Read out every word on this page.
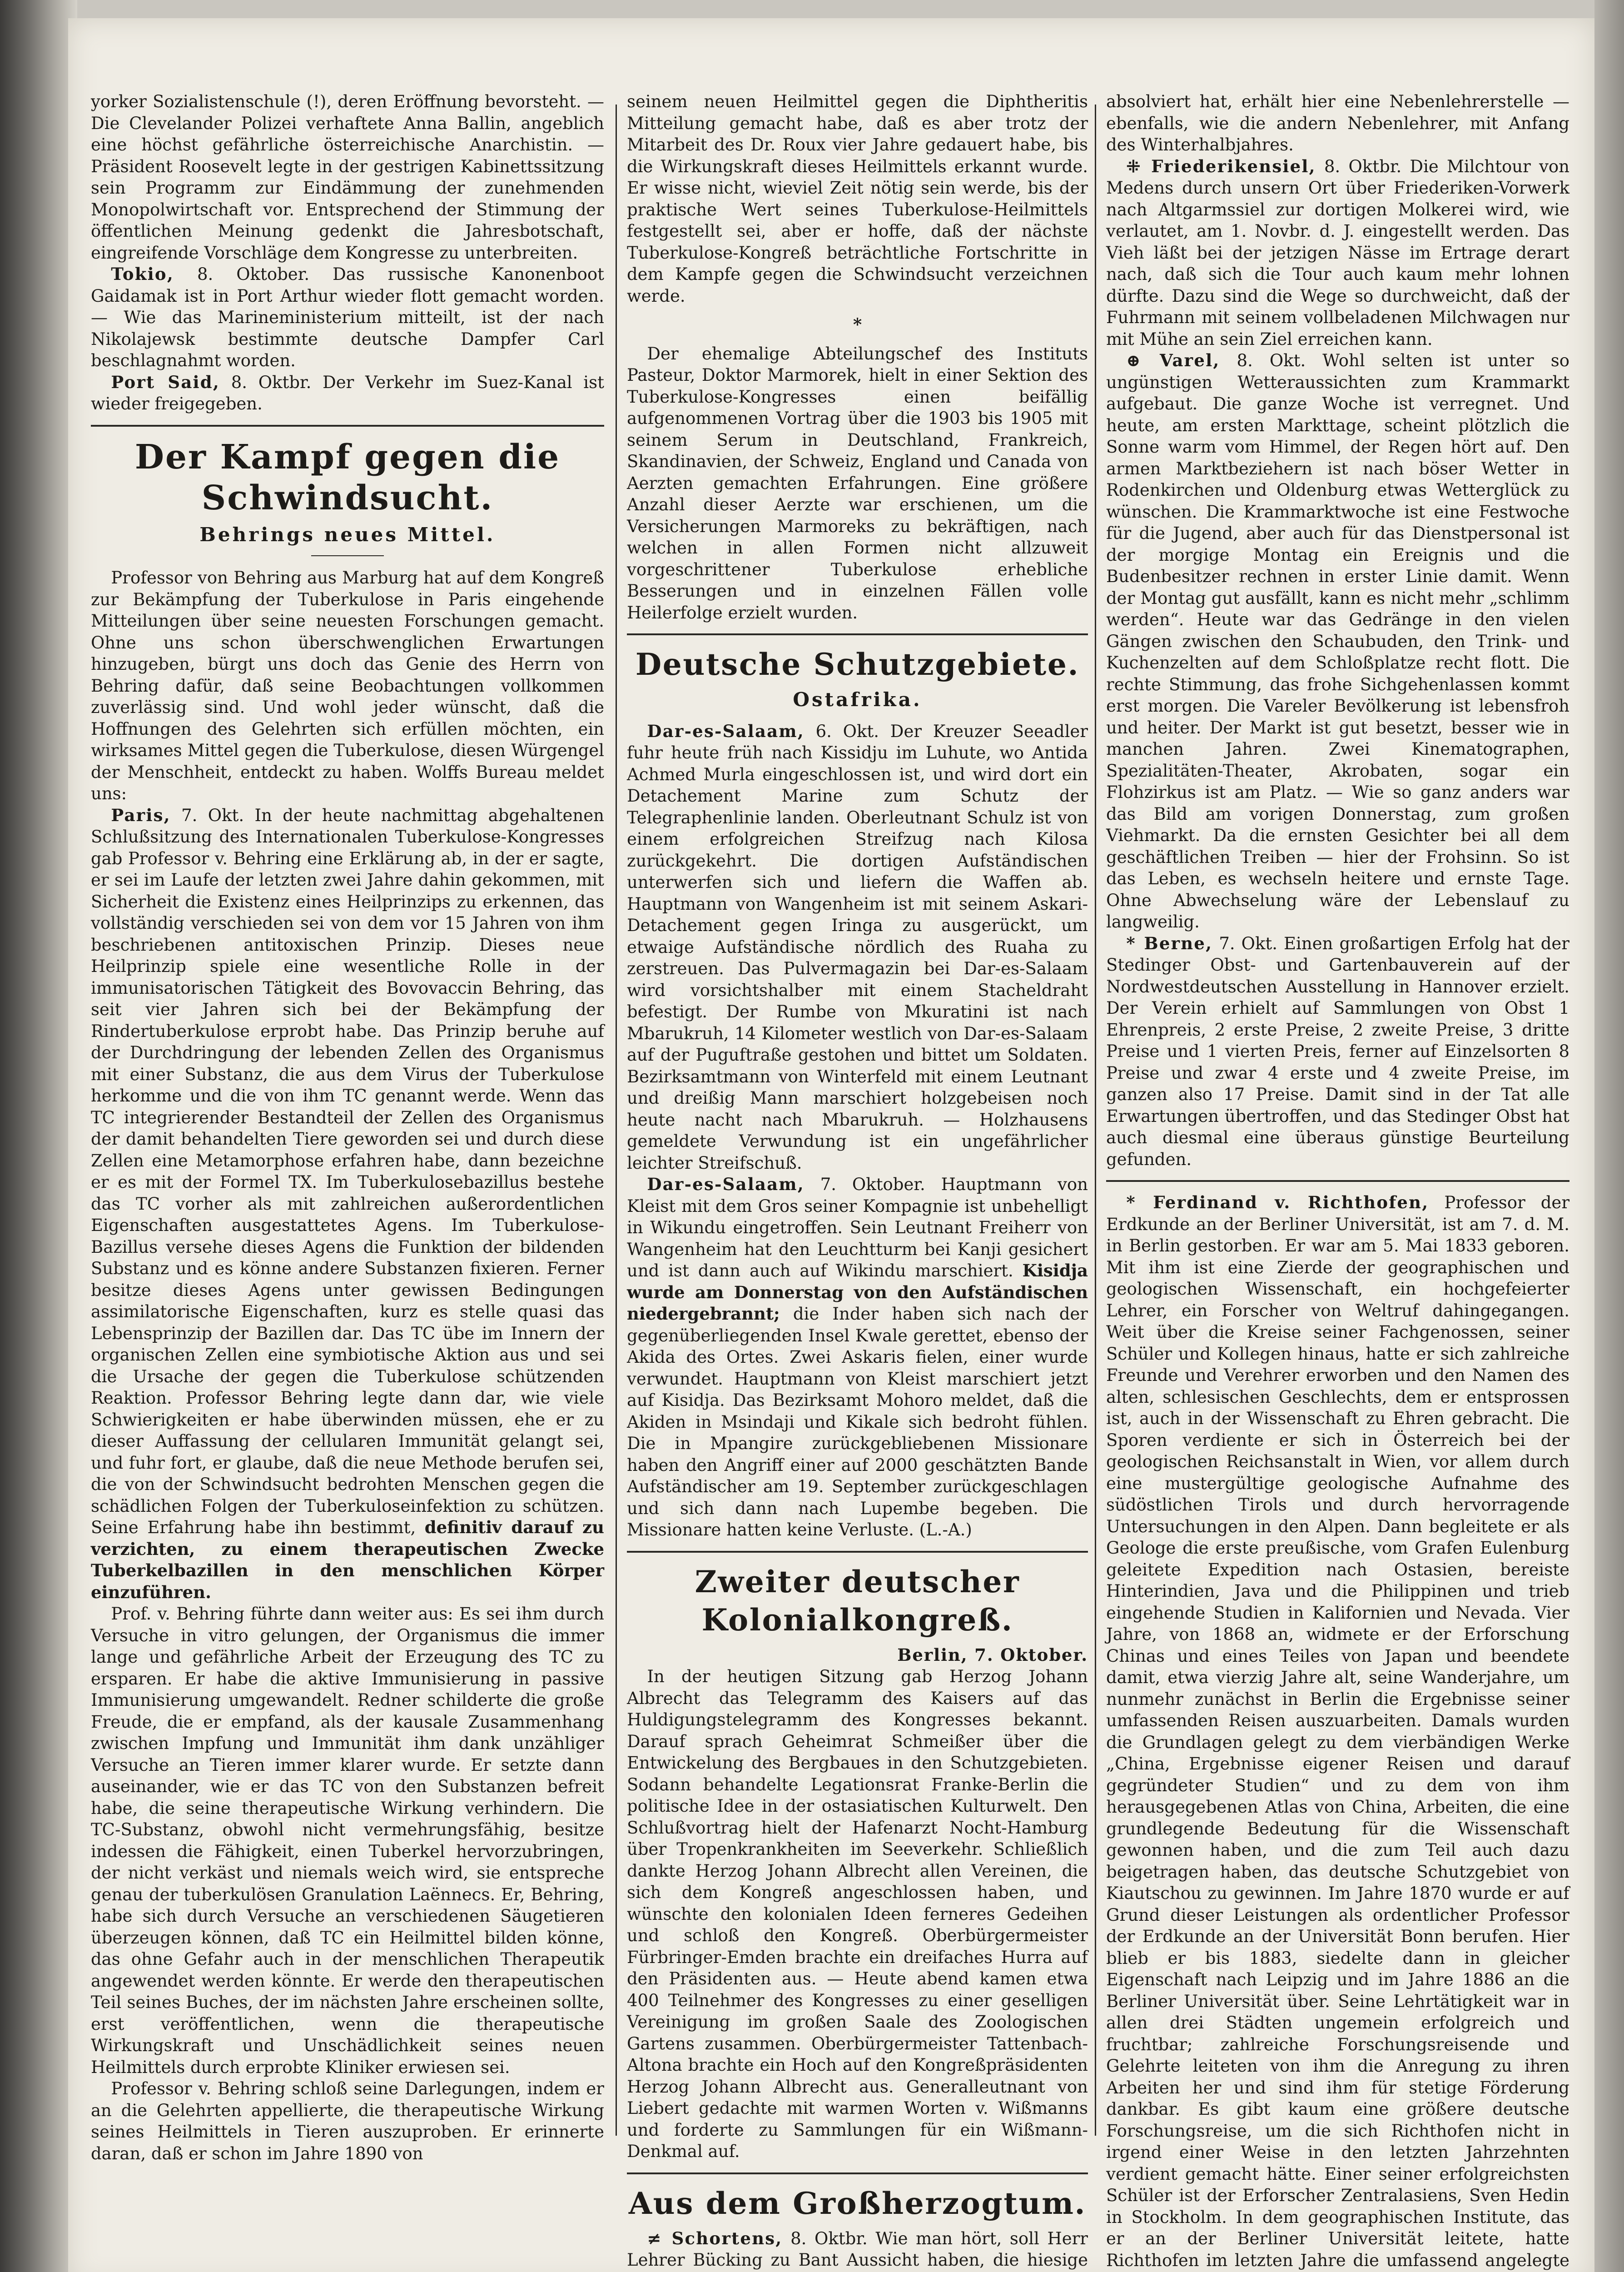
yorker Sozialistenschule (!), deren Eröffnung bevorsteht. — Die Clevelander Polizei verhaftete Anna Ballin, angeblich eine höchst gefährliche österreichische Anarchistin. — Präsident Roosevelt legte in der gestrigen Kabinettssitzung sein Programm zur Eindämmung der zunehmenden Monopolwirtschaft vor. Entsprechend der Stimmung der öffentlichen Meinung gedenkt die Jahresbotschaft, eingreifende Vorschläge dem Kongresse zu unterbreiten.

Tokio, 8. Oktober. Das russische Kanonenboot Gaidamak ist in Port Arthur wieder flott gemacht worden. — Wie das Marineministerium mitteilt, ist der nach Nikolajewsk bestimmte deutsche Dampfer Carl beschlagnahmt worden.

Port Said, 8. Oktbr. Der Verkehr im Suez-Kanal ist wieder freigegeben.

Der Kampf gegen die Schwindsucht.
Behrings neues Mittel.

Professor von Behring aus Marburg hat auf dem Kongreß zur Bekämpfung der Tuberkulose in Paris eingehende Mitteilungen über seine neuesten Forschungen gemacht. Ohne uns schon überschwenglichen Erwartungen hinzugeben, bürgt uns doch das Genie des Herrn von Behring dafür, daß seine Beobachtungen vollkommen zuverlässig sind. Und wohl jeder wünscht, daß die Hoffnungen des Gelehrten sich erfüllen möchten, ein wirksames Mittel gegen die Tuberkulose, diesen Würgengel der Menschheit, entdeckt zu haben. Wolffs Bureau meldet uns:

Paris, 7. Okt. In der heute nachmittag abgehaltenen Schlußsitzung des Internationalen Tuberkulose-Kongresses gab Professor v. Behring eine Erklärung ab, in der er sagte, er sei im Laufe der letzten zwei Jahre dahin gekommen, mit Sicherheit die Existenz eines Heilprinzips zu erkennen, das vollständig verschieden sei von dem vor 15 Jahren von ihm beschriebenen antitoxischen Prinzip. Dieses neue Heilprinzip spiele eine wesentliche Rolle in der immunisatorischen Tätigkeit des Bovovaccin Behring, das seit vier Jahren sich bei der Bekämpfung der Rindertuberkulose erprobt habe. Das Prinzip beruhe auf der Durchdringung der lebenden Zellen des Organismus mit einer Substanz, die aus dem Virus der Tuberkulose herkomme und die von ihm TC genannt werde. Wenn das TC integrierender Bestandteil der Zellen des Organismus der damit behandelten Tiere geworden sei und durch diese Zellen eine Metamorphose erfahren habe, dann bezeichne er es mit der Formel TX. Im Tuberkulosebazillus bestehe das TC vorher als mit zahlreichen außerordentlichen Eigenschaften ausgestattetes Agens. Im Tuberkulose-Bazillus versehe dieses Agens die Funktion der bildenden Substanz und es könne andere Substanzen fixieren. Ferner besitze dieses Agens unter gewissen Bedingungen assimilatorische Eigenschaften, kurz es stelle quasi das Lebensprinzip der Bazillen dar. Das TC übe im Innern der organischen Zellen eine symbiotische Aktion aus und sei die Ursache der gegen die Tuberkulose schützenden Reaktion. Professor Behring legte dann dar, wie viele Schwierigkeiten er habe überwinden müssen, ehe er zu dieser Auffassung der cellularen Immunität gelangt sei, und fuhr fort, er glaube, daß die neue Methode berufen sei, die von der Schwindsucht bedrohten Menschen gegen die schädlichen Folgen der Tuberkuloseinfektion zu schützen. Seine Erfahrung habe ihn bestimmt, definitiv darauf zu verzichten, zu einem therapeutischen Zwecke Tuberkelbazillen in den menschlichen Körper einzuführen.

Prof. v. Behring führte dann weiter aus: Es sei ihm durch Versuche in vitro gelungen, der Organismus die immer lange und gefährliche Arbeit der Erzeugung des TC zu ersparen. Er habe die aktive Immunisierung in passive Immunisierung umgewandelt. Redner schilderte die große Freude, die er empfand, als der kausale Zusammenhang zwischen Impfung und Immunität ihm dank unzähliger Versuche an Tieren immer klarer wurde. Er setzte dann auseinander, wie er das TC von den Substanzen befreit habe, die seine therapeutische Wirkung verhindern. Die TC-Substanz, obwohl nicht vermehrungsfähig, besitze indessen die Fähigkeit, einen Tuberkel hervorzubringen, der nicht verkäst und niemals weich wird, sie entspreche genau der tuberkulösen Granulation Laënnecs. Er, Behring, habe sich durch Versuche an verschiedenen Säugetieren überzeugen können, daß TC ein Heilmittel bilden könne, das ohne Gefahr auch in der menschlichen Therapeutik angewendet werden könnte. Er werde den therapeutischen Teil seines Buches, der im nächsten Jahre erscheinen sollte, erst veröffentlichen, wenn die therapeutische Wirkungskraft und Unschädlichkeit seines neuen Heilmittels durch erprobte Kliniker erwiesen sei.

Professor v. Behring schloß seine Darlegungen, indem er an die Gelehrten appellierte, die therapeutische Wirkung seines Heilmittels in Tieren auszuproben. Er erinnerte daran, daß er schon im Jahre 1890 von

seinem neuen Heilmittel gegen die Diphtheritis Mitteilung gemacht habe, daß es aber trotz der Mitarbeit des Dr. Roux vier Jahre gedauert habe, bis die Wirkungskraft dieses Heilmittels erkannt wurde. Er wisse nicht, wieviel Zeit nötig sein werde, bis der praktische Wert seines Tuberkulose-Heilmittels festgestellt sei, aber er hoffe, daß der nächste Tuberkulose-Kongreß beträchtliche Fortschritte in dem Kampfe gegen die Schwindsucht verzeichnen werde.

*

Der ehemalige Abteilungschef des Instituts Pasteur, Doktor Marmorek, hielt in einer Sektion des Tuberkulose-Kongresses einen beifällig aufgenommenen Vortrag über die 1903 bis 1905 mit seinem Serum in Deutschland, Frankreich, Skandinavien, der Schweiz, England und Canada von Aerzten gemachten Erfahrungen. Eine größere Anzahl dieser Aerzte war erschienen, um die Versicherungen Marmoreks zu bekräftigen, nach welchen in allen Formen nicht allzuweit vorgeschrittener Tuberkulose erhebliche Besserungen und in einzelnen Fällen volle Heilerfolge erzielt wurden.

Deutsche Schutzgebiete.
Ostafrika.

Dar-es-Salaam, 6. Okt. Der Kreuzer Seeadler fuhr heute früh nach Kissidju im Luhute, wo Antida Achmed Murla eingeschlossen ist, und wird dort ein Detachement Marine zum Schutz der Telegraphenlinie landen. Oberleutnant Schulz ist von einem erfolgreichen Streifzug nach Kilosa zurückgekehrt. Die dortigen Aufständischen unterwerfen sich und liefern die Waffen ab. Hauptmann von Wangenheim ist mit seinem Askari-Detachement gegen Iringa zu ausgerückt, um etwaige Aufständische nördlich des Ruaha zu zerstreuen. Das Pulvermagazin bei Dar-es-Salaam wird vorsichtshalber mit einem Stacheldraht befestigt. Der Rumbe von Mkuratini ist nach Mbarukruh, 14 Kilometer westlich von Dar-es-Salaam auf der Puguftraße gestohen und bittet um Soldaten. Bezirksamtmann von Winterfeld mit einem Leutnant und dreißig Mann marschiert holzgebeisen noch heute nacht nach Mbarukruh. — Holzhausens gemeldete Verwundung ist ein ungefährlicher leichter Streifschuß.

Dar-es-Salaam, 7. Oktober. Hauptmann von Kleist mit dem Gros seiner Kompagnie ist unbehelligt in Wikundu eingetroffen. Sein Leutnant Freiherr von Wangenheim hat den Leuchtturm bei Kanji gesichert und ist dann auch auf Wikindu marschiert. Kisidja wurde am Donnerstag von den Aufständischen niedergebrannt; die Inder haben sich nach der gegenüberliegenden Insel Kwale gerettet, ebenso der Akida des Ortes. Zwei Askaris fielen, einer wurde verwundet. Hauptmann von Kleist marschiert jetzt auf Kisidja. Das Bezirksamt Mohoro meldet, daß die Akiden in Msindaji und Kikale sich bedroht fühlen. Die in Mpangire zurückgebliebenen Missionare haben den Angriff einer auf 2000 geschätzten Bande Aufständischer am 19. September zurückgeschlagen und sich dann nach Lupembe begeben. Die Missionare hatten keine Verluste. (L.-A.)

Zweiter deutscher Kolonialkongreß.
Berlin, 7. Oktober.

In der heutigen Sitzung gab Herzog Johann Albrecht das Telegramm des Kaisers auf das Huldigungstelegramm des Kongresses bekannt. Darauf sprach Geheimrat Schmeißer über die Entwickelung des Bergbaues in den Schutzgebieten. Sodann behandelte Legationsrat Franke-Berlin die politische Idee in der ostasiatischen Kulturwelt. Den Schlußvortrag hielt der Hafenarzt Nocht-Hamburg über Tropenkrankheiten im Seeverkehr. Schließlich dankte Herzog Johann Albrecht allen Vereinen, die sich dem Kongreß angeschlossen haben, und wünschte den kolonialen Ideen ferneres Gedeihen und schloß den Kongreß. Oberbürgermeister Fürbringer-Emden brachte ein dreifaches Hurra auf den Präsidenten aus. — Heute abend kamen etwa 400 Teilnehmer des Kongresses zu einer geselligen Vereinigung im großen Saale des Zoologischen Gartens zusammen. Oberbürgermeister Tattenbach-Altona brachte ein Hoch auf den Kongreßpräsidenten Herzog Johann Albrecht aus. Generalleutnant von Liebert gedachte mit warmen Worten v. Wißmanns und forderte zu Sammlungen für ein Wißmann-Denkmal auf.

Aus dem Großherzogtum.

≠ Schortens, 8. Oktbr. Wie man hört, soll Herr Lehrer Bücking zu Bant Aussicht haben, die hiesige

absolviert hat, erhält hier eine Nebenlehrerstelle — ebenfalls, wie die andern Nebenlehrer, mit Anfang des Winterhalbjahres.

⁜ Friederikensiel, 8. Oktbr. Die Milchtour von Medens durch unsern Ort über Friederiken-Vorwerk nach Altgarmssiel zur dortigen Molkerei wird, wie verlautet, am 1. Novbr. d. J. eingestellt werden. Das Vieh läßt bei der jetzigen Nässe im Ertrage derart nach, daß sich die Tour auch kaum mehr lohnen dürfte. Dazu sind die Wege so durchweicht, daß der Fuhrmann mit seinem vollbeladenen Milchwagen nur mit Mühe an sein Ziel erreichen kann.

⊕ Varel, 8. Okt. Wohl selten ist unter so ungünstigen Wetteraussichten zum Krammarkt aufgebaut. Die ganze Woche ist verregnet. Und heute, am ersten Markttage, scheint plötzlich die Sonne warm vom Himmel, der Regen hört auf. Den armen Marktbeziehern ist nach böser Wetter in Rodenkirchen und Oldenburg etwas Wetterglück zu wünschen. Die Krammarktwoche ist eine Festwoche für die Jugend, aber auch für das Dienstpersonal ist der morgige Montag ein Ereignis und die Budenbesitzer rechnen in erster Linie damit. Wenn der Montag gut ausfällt, kann es nicht mehr „schlimm werden“. Heute war das Gedränge in den vielen Gängen zwischen den Schaubuden, den Trink- und Kuchenzelten auf dem Schloßplatze recht flott. Die rechte Stimmung, das frohe Sichgehenlassen kommt erst morgen. Die Vareler Bevölkerung ist lebensfroh und heiter. Der Markt ist gut besetzt, besser wie in manchen Jahren. Zwei Kinematographen, Spezialitäten-Theater, Akrobaten, sogar ein Flohzirkus ist am Platz. — Wie so ganz anders war das Bild am vorigen Donnerstag, zum großen Viehmarkt. Da die ernsten Gesichter bei all dem geschäftlichen Treiben — hier der Frohsinn. So ist das Leben, es wechseln heitere und ernste Tage. Ohne Abwechselung wäre der Lebenslauf zu langweilig.

* Berne, 7. Okt. Einen großartigen Erfolg hat der Stedinger Obst- und Gartenbauverein auf der Nordwestdeutschen Ausstellung in Hannover erzielt. Der Verein erhielt auf Sammlungen von Obst 1 Ehrenpreis, 2 erste Preise, 2 zweite Preise, 3 dritte Preise und 1 vierten Preis, ferner auf Einzelsorten 8 Preise und zwar 4 erste und 4 zweite Preise, im ganzen also 17 Preise. Damit sind in der Tat alle Erwartungen übertroffen, und das Stedinger Obst hat auch diesmal eine überaus günstige Beurteilung gefunden.

* Ferdinand v. Richthofen, Professor der Erdkunde an der Berliner Universität, ist am 7. d. M. in Berlin gestorben. Er war am 5. Mai 1833 geboren. Mit ihm ist eine Zierde der geographischen und geologischen Wissenschaft, ein hochgefeierter Lehrer, ein Forscher von Weltruf dahingegangen. Weit über die Kreise seiner Fachgenossen, seiner Schüler und Kollegen hinaus, hatte er sich zahlreiche Freunde und Verehrer erworben und den Namen des alten, schlesischen Geschlechts, dem er entsprossen ist, auch in der Wissenschaft zu Ehren gebracht. Die Sporen verdiente er sich in Österreich bei der geologischen Reichsanstalt in Wien, vor allem durch eine mustergültige geologische Aufnahme des südöstlichen Tirols und durch hervorragende Untersuchungen in den Alpen. Dann begleitete er als Geologe die erste preußische, vom Grafen Eulenburg geleitete Expedition nach Ostasien, bereiste Hinterindien, Java und die Philippinen und trieb eingehende Studien in Kalifornien und Nevada. Vier Jahre, von 1868 an, widmete er der Erforschung Chinas und eines Teiles von Japan und beendete damit, etwa vierzig Jahre alt, seine Wanderjahre, um nunmehr zunächst in Berlin die Ergebnisse seiner umfassenden Reisen auszuarbeiten. Damals wurden die Grundlagen gelegt zu dem vierbändigen Werke „China, Ergebnisse eigener Reisen und darauf gegründeter Studien“ und zu dem von ihm herausgegebenen Atlas von China, Arbeiten, die eine grundlegende Bedeutung für die Wissenschaft gewonnen haben, und die zum Teil auch dazu beigetragen haben, das deutsche Schutzgebiet von Kiautschou zu gewinnen. Im Jahre 1870 wurde er auf Grund dieser Leistungen als ordentlicher Professor der Erdkunde an der Universität Bonn berufen. Hier blieb er bis 1883, siedelte dann in gleicher Eigenschaft nach Leipzig und im Jahre 1886 an die Berliner Universität über. Seine Lehrtätigkeit war in allen drei Städten ungemein erfolgreich und fruchtbar; zahlreiche Forschungsreisende und Gelehrte leiteten von ihm die Anregung zu ihren Arbeiten her und sind ihm für stetige Förderung dankbar. Es gibt kaum eine größere deutsche Forschungsreise, um die sich Richthofen nicht in irgend einer Weise in den letzten Jahrzehnten verdient gemacht hätte. Einer seiner erfolgreichsten Schüler ist der Erforscher Zentralasiens, Sven Hedin in Stockholm. In dem geographischen Institute, das er an der Berliner Universität leitete, hatte Richthofen im letzten Jahre die umfassend angelegte
